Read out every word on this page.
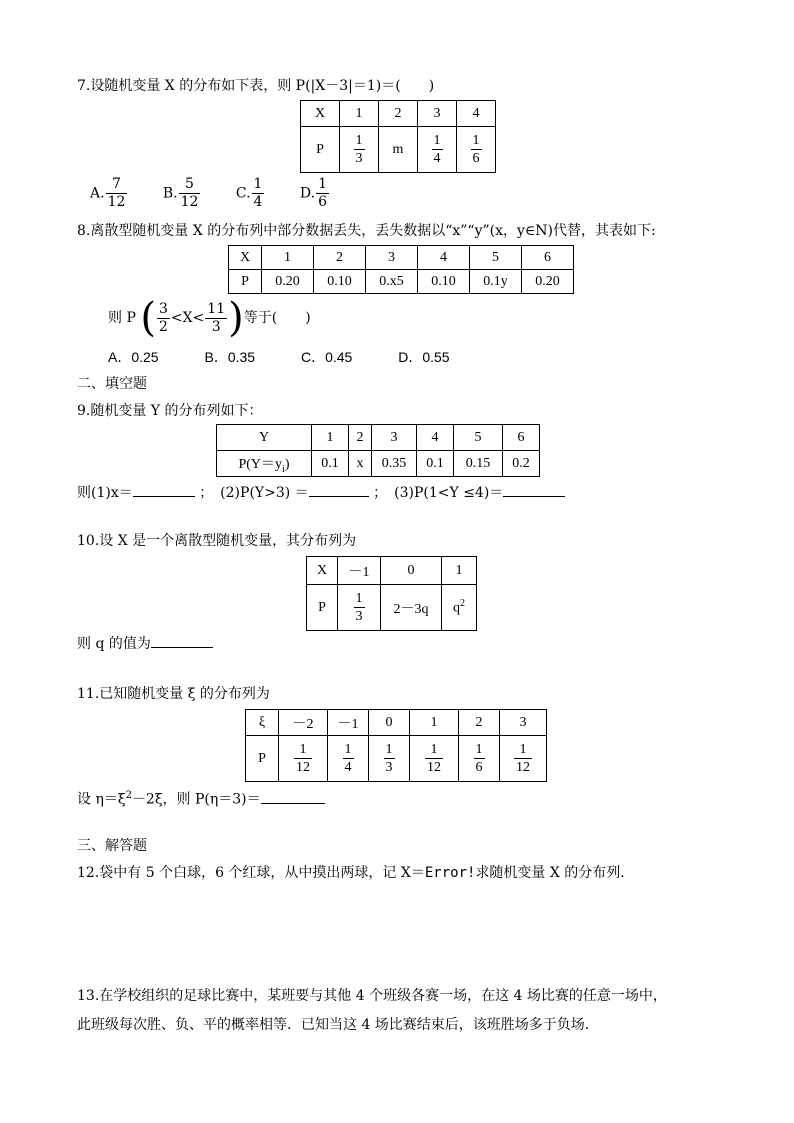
7.设随机变量 X 的分布如下表，则 P(|X－3|＝1)＝(　　)
X	1	2	3	4
P	$\frac{1}{3}$	m	$\frac{1}{4}$	$\frac{1}{6}$
A. $\frac{7}{12}$	B. $\frac{5}{12}$	C. $\frac{1}{4}$	D. $\frac{1}{6}$
8.离散型随机变量 X 的分布列中部分数据丢失，丢失数据以“x”“y”(x，y∈N)代替，其表如下:
X	1	2	3	4	5	6
P	0.20	0.10	0.x5	0.10	0.1y	0.20
则 P ( $\frac{3}{2} <X< \frac{11}{3}$ )等于(　　)
A．0.25	B．0.35	C．0.45	D．0.55
二、填空题
9.随机变量 Y 的分布列如下：
Y	1	2	3	4	5	6
$P(Y=y_i)$	0.1	x	0.35	0.1	0.15	0.2
则(1)x＝	；　(2)P(Y>3) ＝	；　(3)P(1<Y ≤4)＝
10.设 X 是一个离散型随机变量，其分布列为
X	－1	0	1
P	$\frac{1}{3}$	2－3q	$q^2$
则 q 的值为
11.已知随机变量 ξ 的分布列为
ξ	－2	－1	0	1	2	3
P	$\frac{1}{12}$	$\frac{1}{4}$	$\frac{1}{3}$	$\frac{1}{12}$	$\frac{1}{6}$	$\frac{1}{12}$
设 $\eta=\xi^2-2\xi$，则 P(η＝3)＝
三、解答题
12.袋中有 5 个白球，6 个红球，从中摸出两球，记 X＝Error!求随机变量 X 的分布列．
13.在学校组织的足球比赛中，某班要与其他 4 个班级各赛一场，在这 4 场比赛的任意一场中，
此班级每次胜、负、平的概率相等．已知当这 4 场比赛结束后，该班胜场多于负场．
